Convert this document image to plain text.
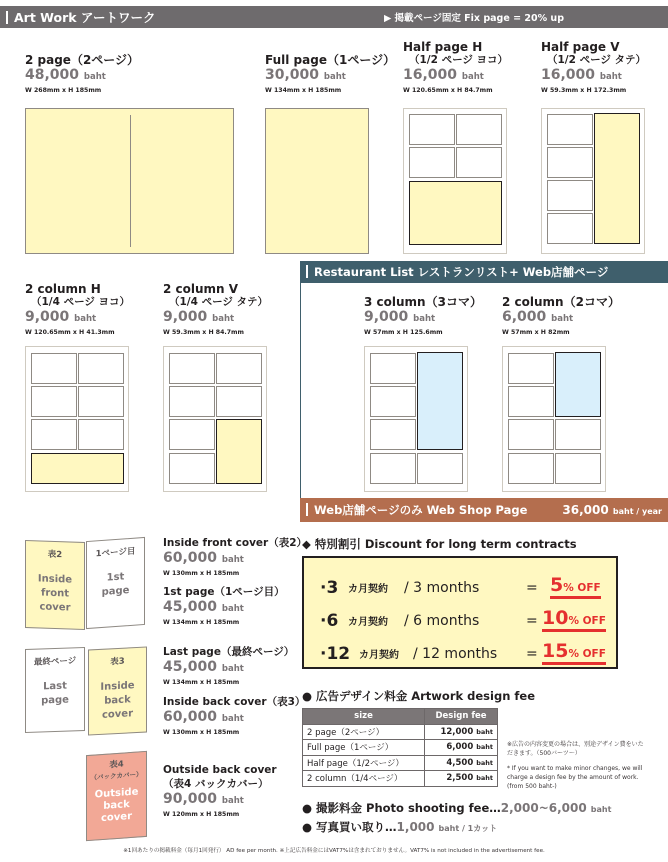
Art Work アートワーク	▶ 掲載ページ固定 Fix page = 20% up
2 page（2ページ）
48,000 baht
W 268mm x H 185mm
Full page（1ページ）
30,000 baht
W 134mm x H 185mm
Half page H
（1/2 ページ ヨコ）
16,000 baht
W 120.65mm x H 84.7mm
Half page V
（1/2 ページ タテ）
16,000 baht
W 59.3mm x H 172.3mm
2 column H
（1/4 ページ ヨコ）
9,000 baht
W 120.65mm x H 41.3mm
2 column V
（1/4 ページ タテ）
9,000 baht
W 59.3mm x H 84.7mm
Restaurant List レストランリスト+ Web店舗ページ
3 column（3コマ）
9,000 baht
W 57mm x H 125.6mm
2 column（2コマ）
6,000 baht
W 57mm x H 82mm
Web店舗ページのみ Web Shop Page	36,000 baht / year
表2
Inside front cover
1ページ目
1st page
最終ページ
Last page
表3
Inside back cover
表4
（バックカバー）
Outside back cover
Inside front cover（表2）
60,000 baht
W 130mm x H 185mm
1st page（1ページ目）
45,000 baht
W 134mm x H 185mm
Last page（最終ページ）
45,000 baht
W 134mm x H 185mm
Inside back cover（表3）
60,000 baht
W 130mm x H 185mm
Outside back cover
（表4 バックカバー）
90,000 baht
W 120mm x H 185mm
◆ 特別割引 Discount for long term contracts
·3 カ月契約 / 3 months	= 5% OFF
·6 カ月契約 / 6 months	= 10% OFF
·12 カ月契約 / 12 months = 15% OFF
● 広告デザイン料金 Artwork design fee
size	Design fee
2 page（2ページ）	12,000 baht
Full page（1ページ）	6,000 baht
Half page（1/2ページ）	4,500 baht
2 column（1/4ページ）	2,500 baht
※広告の内容変更の場合は、別途デザイン費をいただきます。（500バーツ〜）
* If you want to make minor changes, we will charge a design fee by the amount of work. (from 500 baht-)
● 撮影料金 Photo shooting fee…2,000~6,000 baht
● 写真買い取り…1,000 baht / 1カット
※1回あたりの掲載料金（毎月1回発行） AD fee per month. ※上記広告料金にはVAT7%は含まれておりません。VAT7% is not included in the advertisement fee.
